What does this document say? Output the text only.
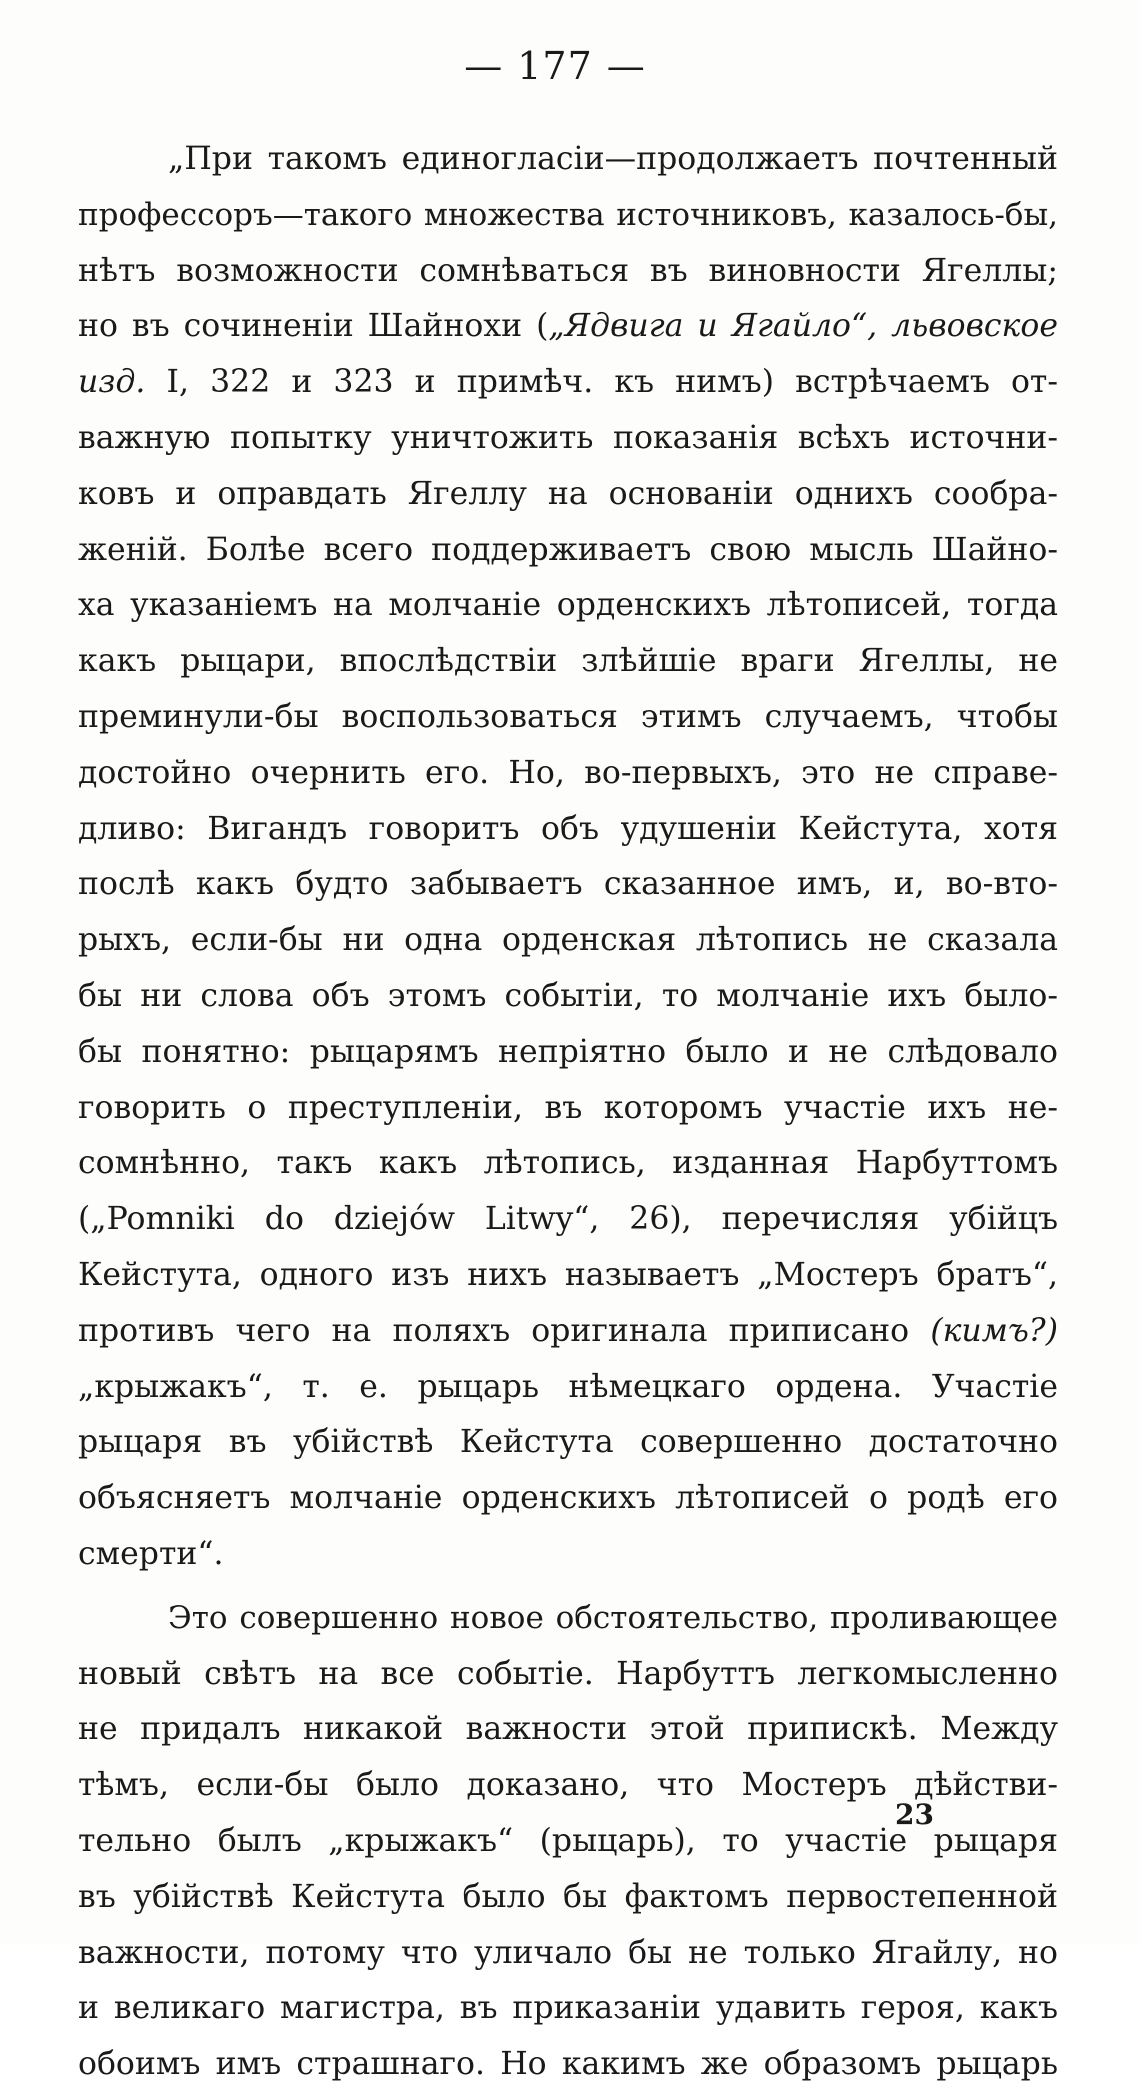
— 177 —
„При такомъ единогласіи—продолжаетъ почтенный
профессоръ—такого множества источниковъ, казалось-бы,
нѣтъ возможности сомнѣваться въ виновности Ягеллы;
но въ сочиненіи Шайнохи („Ядвига и Ягайло“, львовское
изд. I, 322 и 323 и примѣч. къ нимъ) встрѣчаемъ от-
важную попытку уничтожить показанія всѣхъ источни-
ковъ и оправдать Ягеллу на основаніи однихъ сообра-
женій. Болѣе всего поддерживаетъ свою мысль Шайно-
ха указаніемъ на молчаніе орденскихъ лѣтописей, тогда
какъ рыцари, впослѣдствіи злѣйшіе враги Ягеллы, не
преминули-бы воспользоваться этимъ случаемъ, чтобы
достойно очернить его. Но, во-первыхъ, это не справе-
дливо: Вигандъ говоритъ объ удушеніи Кейстута, хотя
послѣ какъ будто забываетъ сказанное имъ, и, во-вто-
рыхъ, если-бы ни одна орденская лѣтопись не сказала
бы ни слова объ этомъ событіи, то молчаніе ихъ было-
бы понятно: рыцарямъ непріятно было и не слѣдовало
говорить о преступленіи, въ которомъ участіе ихъ не-
сомнѣнно, такъ какъ лѣтопись, изданная Нарбуттомъ
(„Pomniki do dziejów Litwy“, 26), перечисляя убійцъ
Кейстута, одного изъ нихъ называетъ „Мостеръ братъ“,
противъ чего на поляхъ оригинала приписано (кимъ?)
„крыжакъ“, т. е. рыцарь нѣмецкаго ордена. Участіе
рыцаря въ убійствѣ Кейстута совершенно достаточно
объясняетъ молчаніе орденскихъ лѣтописей о родѣ его
смерти“.
Это совершенно новое обстоятельство, проливающее
новый свѣтъ на все событіе. Нарбуттъ легкомысленно
не придалъ никакой важности этой припискѣ. Между
тѣмъ, если-бы было доказано, что Мостеръ дѣйстви-
тельно былъ „крыжакъ“ (рыцарь), то участіе рыцаря
въ убійствѣ Кейстута было бы фактомъ первостепенной
важности, потому что уличало бы не только Ягайлу, но
и великаго магистра, въ приказаніи удавить героя, какъ
обоимъ имъ страшнаго. Но какимъ же образомъ рыцарь
23
